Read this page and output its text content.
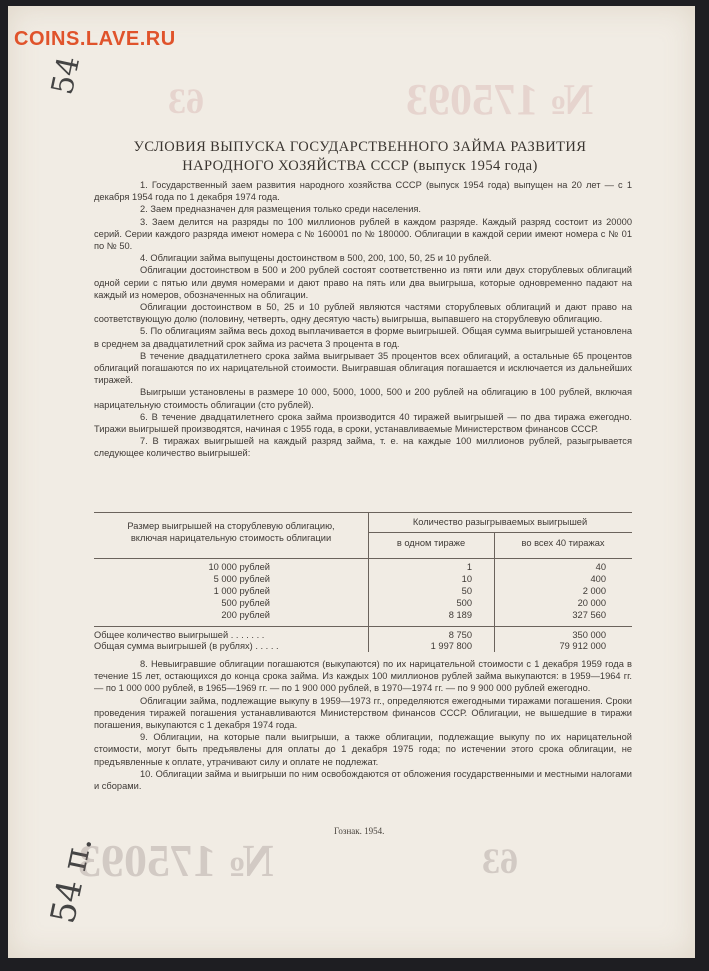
COINS.LAVE.RU
54
54 п.
№ 175093
63
№ 175093	63
УСЛОВИЯ ВЫПУСКА ГОСУДАРСТВЕННОГО ЗАЙМА РАЗВИТИЯ
НАРОДНОГО ХОЗЯЙСТВА СССР (выпуск 1954 года)

1. Государственный заем развития народного хозяйства СССР (выпуск 1954 года) выпущен на 20 лет — с 1 декабря 1954 года по 1 декабря 1974 года.

2. Заем предназначен для размещения только среди населения.

3. Заем делится на разряды по 100 миллионов рублей в каждом разряде. Каждый разряд состоит из 20000 серий. Серии каждого разряда имеют номера с № 160001 по № 180000. Облигации в каждой серии имеют номера с № 01 по № 50.

4. Облигации займа выпущены достоинством в 500, 200, 100, 50, 25 и 10 рублей.

Облигации достоинством в 500 и 200 рублей состоят соответственно из пяти или двух сторублевых облигаций одной серии с пятью или двумя номерами и дают право на пять или два выигрыша, которые одновременно падают на каждый из номеров, обозначенных на облигации.

Облигации достоинством в 50, 25 и 10 рублей являются частями сторублевых облигаций и дают право на соответствующую долю (половину, четверть, одну десятую часть) выигрыша, выпавшего на сторублевую облигацию.

5. По облигациям займа весь доход выплачивается в форме выигрышей. Общая сумма выигрышей установлена в среднем за двадцатилетний срок займа из расчета 3 процента в год.

В течение двадцатилетнего срока займа выигрывает 35 процентов всех облигаций, а остальные 65 процентов облигаций погашаются по их нарицательной стоимости. Выигравшая облигация погашается и исключается из дальнейших тиражей.

Выигрыши установлены в размере 10 000, 5000, 1000, 500 и 200 рублей на облигацию в 100 рублей, включая нарицательную стоимость облигации (сто рублей).

6. В течение двадцатилетнего срока займа производится 40 тиражей выигрышей — по два тиража ежегодно. Тиражи выигрышей производятся, начиная с 1955 года, в сроки, устанавливаемые Министерством финансов СССР.

7. В тиражах выигрышей на каждый разряд займа, т. е. на каждые 100 миллионов рублей, разыгрывается следующее количество выигрышей:

Размер выигрышей на сторублевую облигацию,
включая нарицательную стоимость облигации
Количество разыгрываемых выигрышей
в одном тираже	во всех 40 тиражах
10 000 рублей	1	40
5 000 рублей	10	400
1 000 рублей	50	2 000
500 рублей	500	20 000
200 рублей	8 189	327 560
Общее количество выигрышей . . . . . . .	8 750	350 000
Общая сумма выигрышей (в рублях) . . . . .	1 997 800	79 912 000

8. Невыигравшие облигации погашаются (выкупаются) по их нарицательной стоимости с 1 декабря 1959 года в течение 15 лет, остающихся до конца срока займа. Из каждых 100 миллионов рублей займа выкупаются: в 1959—1964 гг. — по 1 000 000 рублей, в 1965—1969 гг. — по 1 900 000 рублей, в 1970—1974 гг. — по 9 900 000 рублей ежегодно.

Облигации займа, подлежащие выкупу в 1959—1973 гг., определяются ежегодными тиражами погашения. Сроки проведения тиражей погашения устанавливаются Министерством финансов СССР. Облигации, не вышедшие в тиражи погашения, выкупаются с 1 декабря 1974 года.

9. Облигации, на которые пали выигрыши, а также облигации, подлежащие выкупу по их нарицательной стоимости, могут быть предъявлены для оплаты до 1 декабря 1975 года; по истечении этого срока облигации, не предъявленные к оплате, утрачивают силу и оплате не подлежат.

10. Облигации займа и выигрыши по ним освобождаются от обложения государственными и местными налогами и сборами.

Гознак. 1954.
